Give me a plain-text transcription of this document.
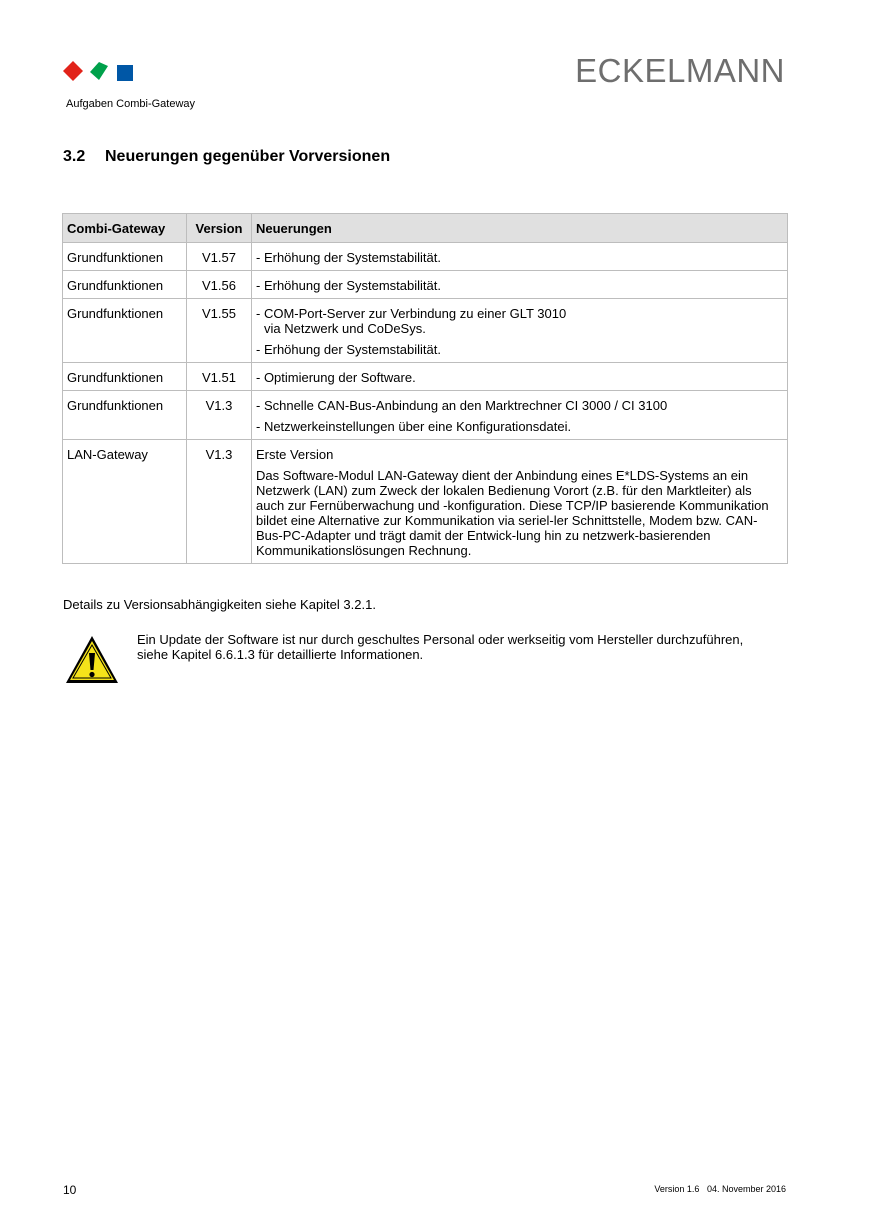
ECKELMANN
Aufgaben Combi-Gateway
3.2 Neuerungen gegenüber Vorversionen
Combi-Gateway	Version	Neuerungen
Grundfunktionen	V1.57	- Erhöhung der Systemstabilität.

Grundfunktionen	V1.56	- Erhöhung der Systemstabilität.

Grundfunktionen	V1.55	- COM-Port-Server zur Verbindung zu einer GLT 3010
via Netzwerk und CoDeSys.

- Erhöhung der Systemstabilität.

Grundfunktionen	V1.51	- Optimierung der Software.

Grundfunktionen	V1.3	- Schnelle CAN-Bus-Anbindung an den Marktrechner CI 3000 / CI 3100

- Netzwerkeinstellungen über eine Konfigurationsdatei.

LAN-Gateway	V1.3	Erste Version

Das Software-Modul LAN-Gateway dient der Anbindung eines E*LDS-Systems an ein Netzwerk (LAN) zum Zweck der lokalen Bedienung Vorort (z.B. für den Marktleiter) als auch zur Fernüberwachung und -konfiguration. Diese TCP/IP basierende Kommunikation bildet eine Alternative zur Kommunikation via seriel-ler Schnittstelle, Modem bzw. CAN-Bus-PC-Adapter und trägt damit der Entwick-lung hin zu netzwerk-basierenden Kommunikationslösungen Rechnung.

Details zu Versionsabhängigkeiten siehe Kapitel 3.2.1.
Ein Update der Software ist nur durch geschultes Personal oder werkseitig vom Hersteller durchzuführen, siehe Kapitel 6.6.1.3 für detaillierte Informationen.
10	Version 1.6   04. November 2016
